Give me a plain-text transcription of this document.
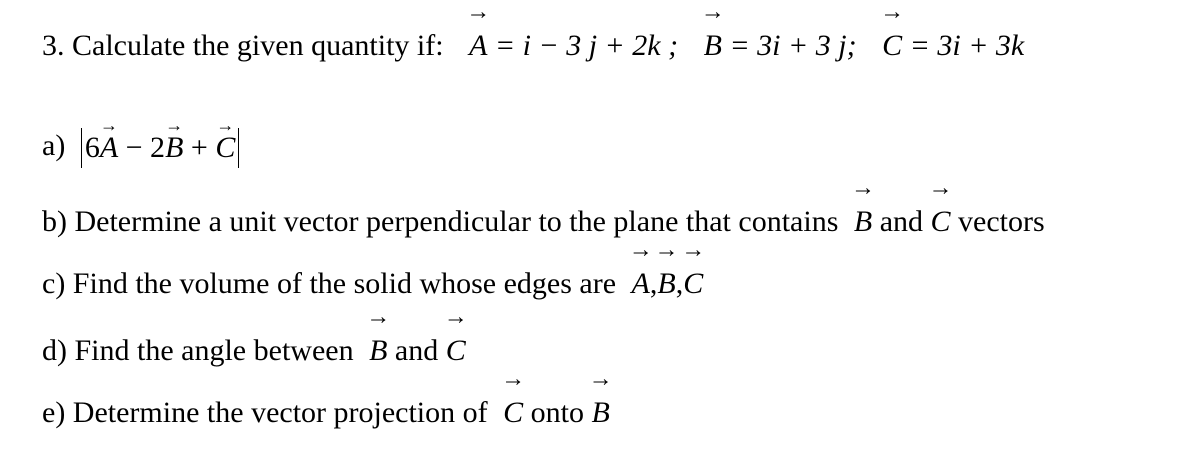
3. Calculate the given quantity if:
→
A = i − 3 j + 2k ;
→
B = 3i + 3 j;
→
C = 3i + 3k
a) 6
→
A − 2
→
B +
→
C
b) Determine a unit vector perpendicular to the plane that contains
→
B and
→
C vectors
c) Find the volume of the solid whose edges are
→
A,
→
B,
→
C
d) Find the angle between
→
B and
→
C
e) Determine the vector projection of
→
C onto
→
B
